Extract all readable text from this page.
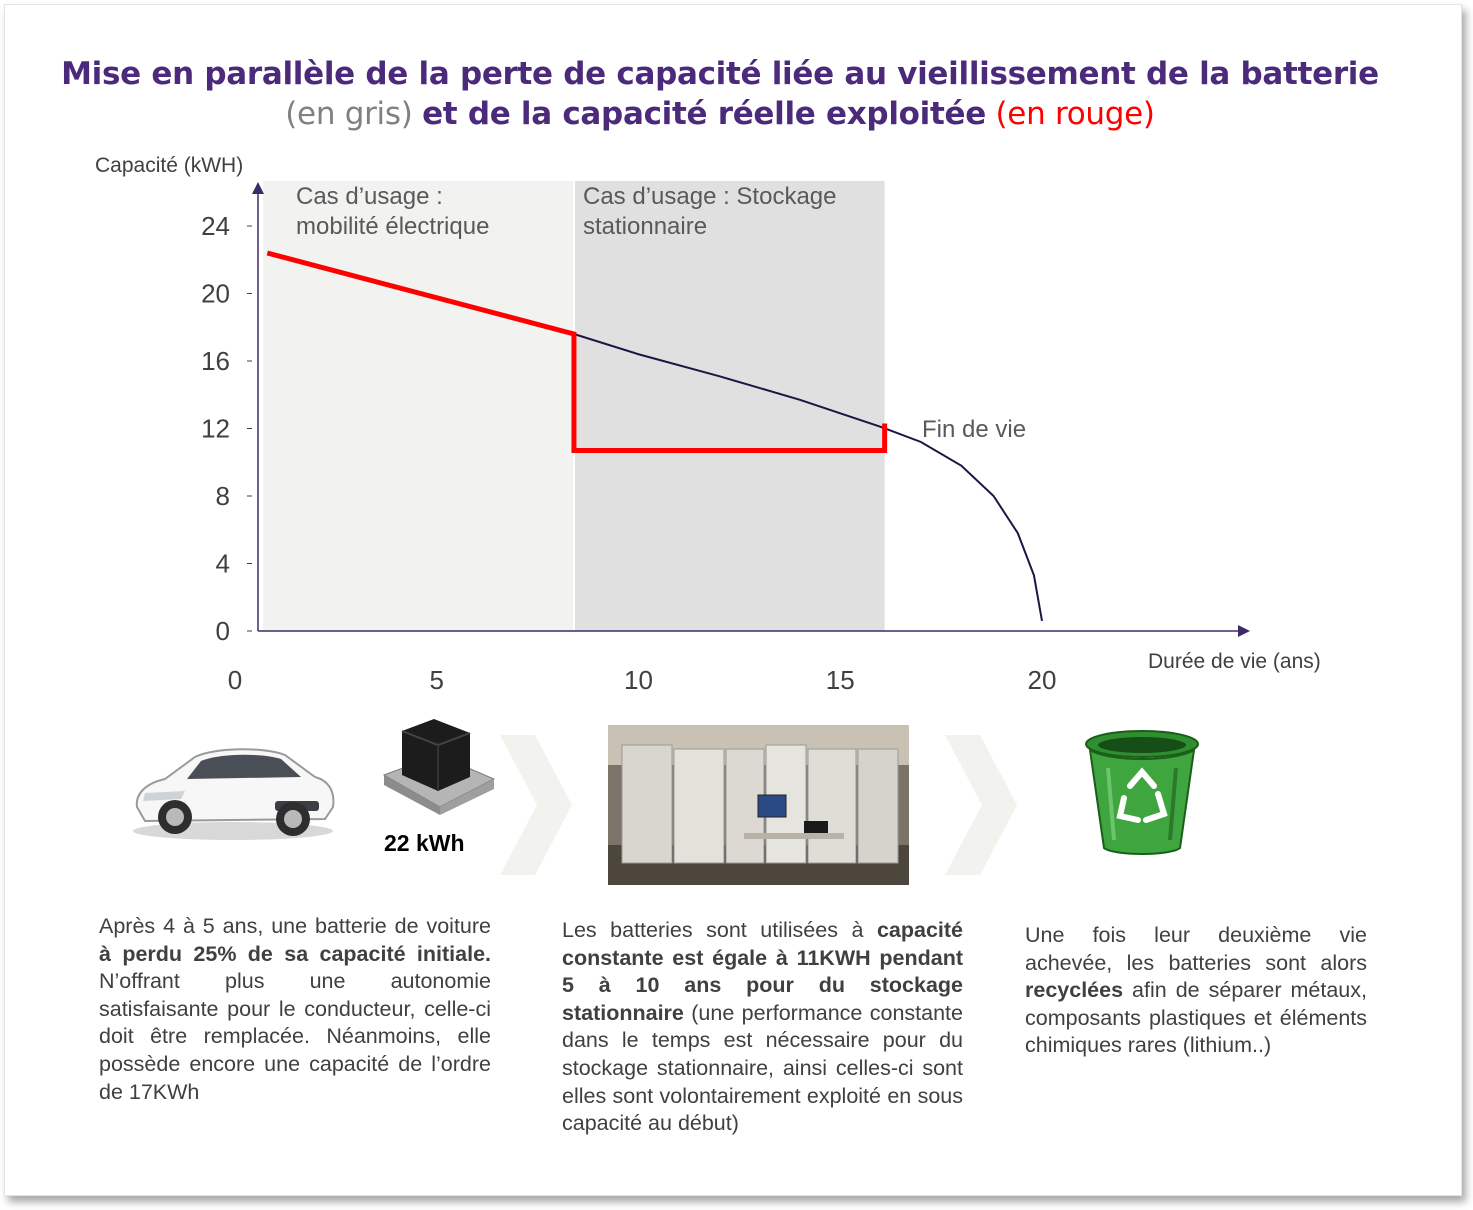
Mise en parallèle de la perte de capacité liée au vieillissement de la batterie
(en gris) et de la capacité réelle exploitée (en rouge)
Capacité (kWH)
Durée de vie (ans)
0
4
8
12
16
20
24
0	5	10	15	20
Cas d’usage :
mobilité électrique
Cas d’usage : Stockage
stationnaire
Fin de vie
22 kWh
Après 4 à 5 ans, une batterie de voiture à perdu 25% de sa capacité initiale. N’offrant plus une autonomie satisfaisante pour le conducteur, celle-ci doit être remplacée. Néanmoins, elle possède encore une capacité de l’ordre de 17KWh
Les batteries sont utilisées à capacité constante est égale à 11KWH pendant 5 à 10 ans pour du stockage stationnaire (une performance constante dans le temps est nécessaire pour du stockage stationnaire, ainsi celles-ci sont elles sont volontairement exploité en sous capacité au début)
Une fois leur deuxième vie achevée, les batteries sont alors recyclées afin de séparer métaux, composants plastiques et éléments chimiques rares (lithium..)
